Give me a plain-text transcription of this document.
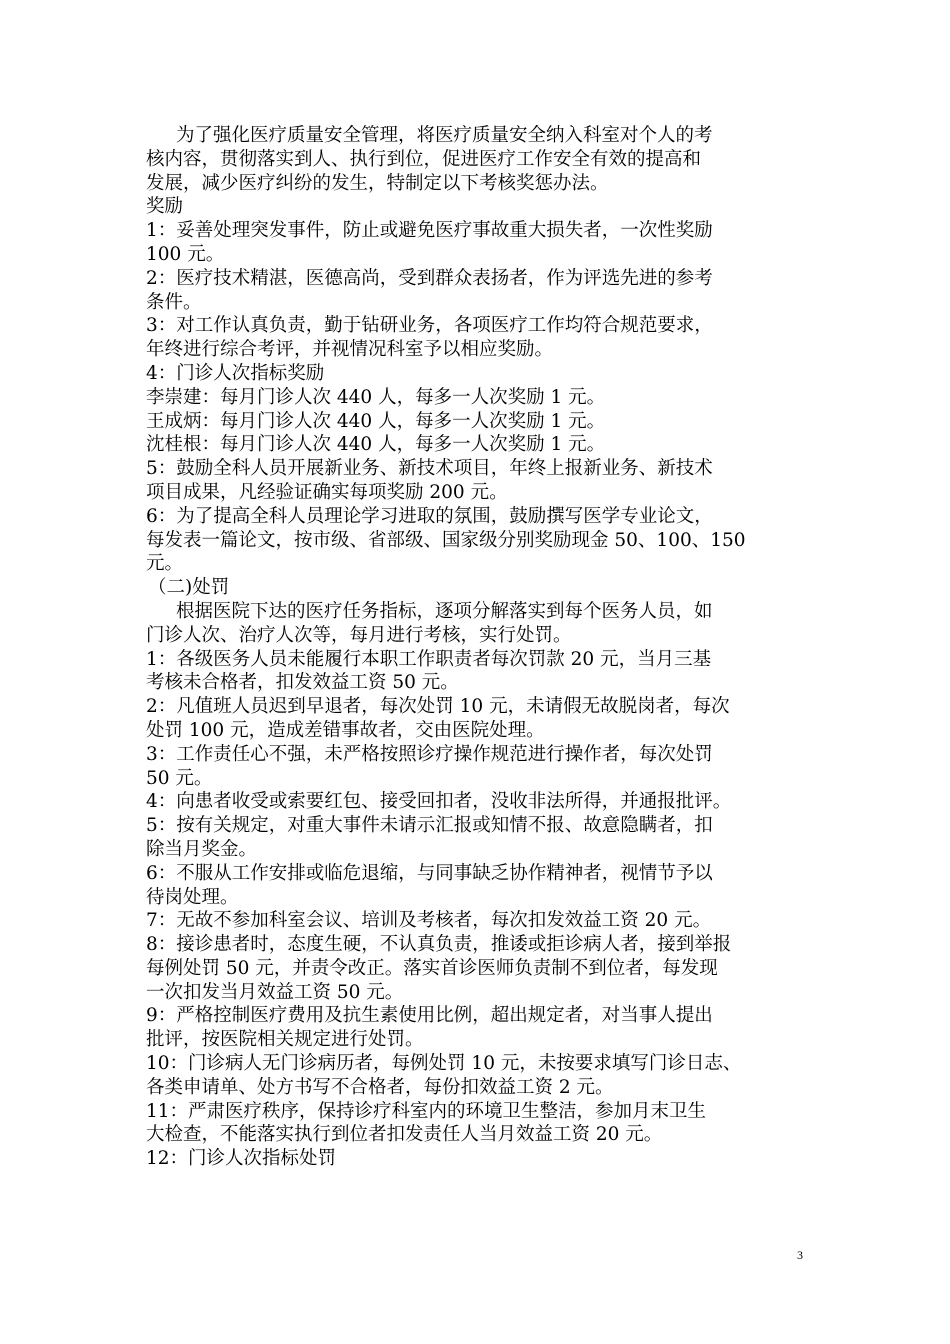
为了强化医疗质量安全管理，将医疗质量安全纳入科室对个人的考
核内容，贯彻落实到人、执行到位，促进医疗工作安全有效的提高和
发展，减少医疗纠纷的发生，特制定以下考核奖惩办法。
奖励
1：妥善处理突发事件，防止或避免医疗事故重大损失者，一次性奖励
100 元。
2：医疗技术精湛，医德高尚，受到群众表扬者，作为评选先进的参考
条件。
3：对工作认真负责，勤于钻研业务，各项医疗工作均符合规范要求，
年终进行综合考评，并视情况科室予以相应奖励。
4：门诊人次指标奖励
李崇建：每月门诊人次 440 人，每多一人次奖励 1 元。
王成炳：每月门诊人次 440 人，每多一人次奖励 1 元。
沈桂根：每月门诊人次 440 人，每多一人次奖励 1 元。
5：鼓励全科人员开展新业务、新技术项目，年终上报新业务、新技术
项目成果，凡经验证确实每项奖励 200 元。
6：为了提高全科人员理论学习进取的氛围，鼓励撰写医学专业论文，
每发表一篇论文，按市级、省部级、国家级分别奖励现金 50、100、150
元。
（二)处罚
根据医院下达的医疗任务指标，逐项分解落实到每个医务人员，如
门诊人次、治疗人次等，每月进行考核，实行处罚。
1：各级医务人员未能履行本职工作职责者每次罚款 20 元，当月三基
考核未合格者，扣发效益工资 50 元。
2：凡值班人员迟到早退者，每次处罚 10 元，未请假无故脱岗者，每次
处罚 100 元，造成差错事故者，交由医院处理。
3：工作责任心不强，未严格按照诊疗操作规范进行操作者，每次处罚
50 元。
4：向患者收受或索要红包、接受回扣者，没收非法所得，并通报批评。
5：按有关规定，对重大事件未请示汇报或知情不报、故意隐瞒者，扣
除当月奖金。
6：不服从工作安排或临危退缩，与同事缺乏协作精神者，视情节予以
待岗处理。
7：无故不参加科室会议、培训及考核者，每次扣发效益工资 20 元。
8：接诊患者时，态度生硬，不认真负责，推诿或拒诊病人者，接到举报
每例处罚 50 元，并责令改正。落实首诊医师负责制不到位者，每发现
一次扣发当月效益工资 50 元。
9：严格控制医疗费用及抗生素使用比例，超出规定者，对当事人提出
批评，按医院相关规定进行处罚。
10：门诊病人无门诊病历者，每例处罚 10 元，未按要求填写门诊日志、
各类申请单、处方书写不合格者，每份扣效益工资 2 元。
11：严肃医疗秩序，保持诊疗科室内的环境卫生整洁，参加月末卫生
大检查，不能落实执行到位者扣发责任人当月效益工资 20 元。
12：门诊人次指标处罚
3
